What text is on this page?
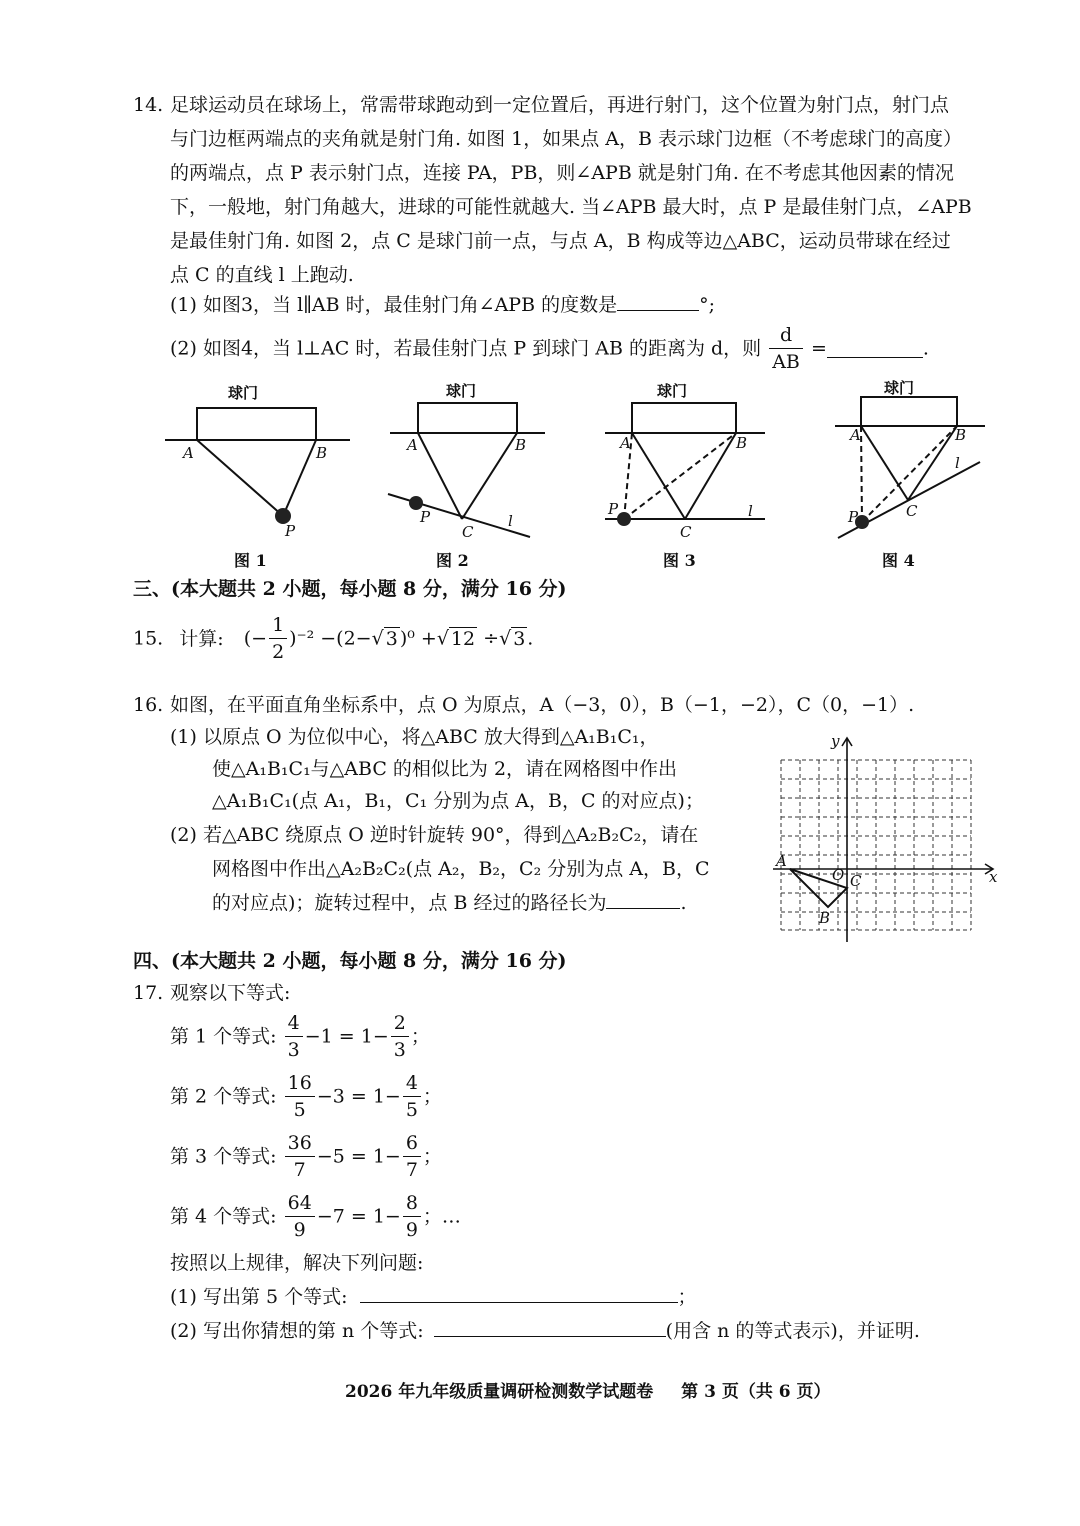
14. 足球运动员在球场上，常需带球跑动到一定位置后，再进行射门，这个位置为射门点，射门点
与门边框两端点的夹角就是射门角. 如图 1，如果点 A，B 表示球门边框（不考虑球门的高度）
的两端点，点 P 表示射门点，连接 PA，PB，则∠APB 就是射门角. 在不考虑其他因素的情况
下，一般地，射门角越大，进球的可能性就越大. 当∠APB 最大时，点 P 是最佳射门点，∠APB
是最佳射门角. 如图 2，点 C 是球门前一点，与点 A，B 构成等边△ABC，运动员带球在经过
点 C 的直线 l 上跑动.
(1) 如图3，当 l∥AB 时，最佳射门角∠APB 的度数是	°;
(2) 如图4，当 l⊥AC 时，若最佳射门点 P 到球门 AB 的距离为 d，则 $\frac{d}{AB}$ =	.
球门
A	B
P
球门
A	B
C
P	l
球门
A	B
C
P	l
球门
A	B
C
P
l
图 1	图 2	图 3	图 4
三、(本大题共 2 小题，每小题 8 分，满分 16 分)
15. 计算: (− $\frac{1}{2} )^{-2} -(2-√$ 3 )⁰ +√ 12 ÷√ 3 .
16. 如图，在平面直角坐标系中，点 O 为原点，A（−3，0），B（−1，−2），C（0，−1）.
(1) 以原点 O 为位似中心，将△ABC 放大得到△A₁B₁C₁，
使△A₁B₁C₁与△ABC 的相似比为 2，请在网格图中作出
△A₁B₁C₁(点 A₁，B₁，C₁ 分别为点 A，B，C 的对应点)；
(2) 若△ABC 绕原点 O 逆时针旋转 90°，得到△A₂B₂C₂，请在
网格图中作出△A₂B₂C₂(点 A₂，B₂，C₂ 分别为点 A，B，C
的对应点)；旋转过程中，点 B 经过的路径长为	.
x
y
O
A
B
C
四、(本大题共 2 小题，每小题 8 分，满分 16 分)
17. 观察以下等式:
第 1 个等式: $\frac{4}{3} -1 = 1- \frac{2}{3}$ ；
第 2 个等式: $\frac{16}{5} -3 = 1- \frac{4}{5}$ ；
第 3 个等式: $\frac{36}{7} -5 = 1- \frac{6}{7}$ ；
第 4 个等式: $\frac{64}{9} -7 = 1- \frac{8}{9}$ ；…
按照以上规律，解决下列问题:
(1) 写出第 5 个等式:	；
(2) 写出你猜想的第 n 个等式:	(用含 n 的等式表示)，并证明.
2026 年九年级质量调研检测数学试题卷 第 3 页（共 6 页）
